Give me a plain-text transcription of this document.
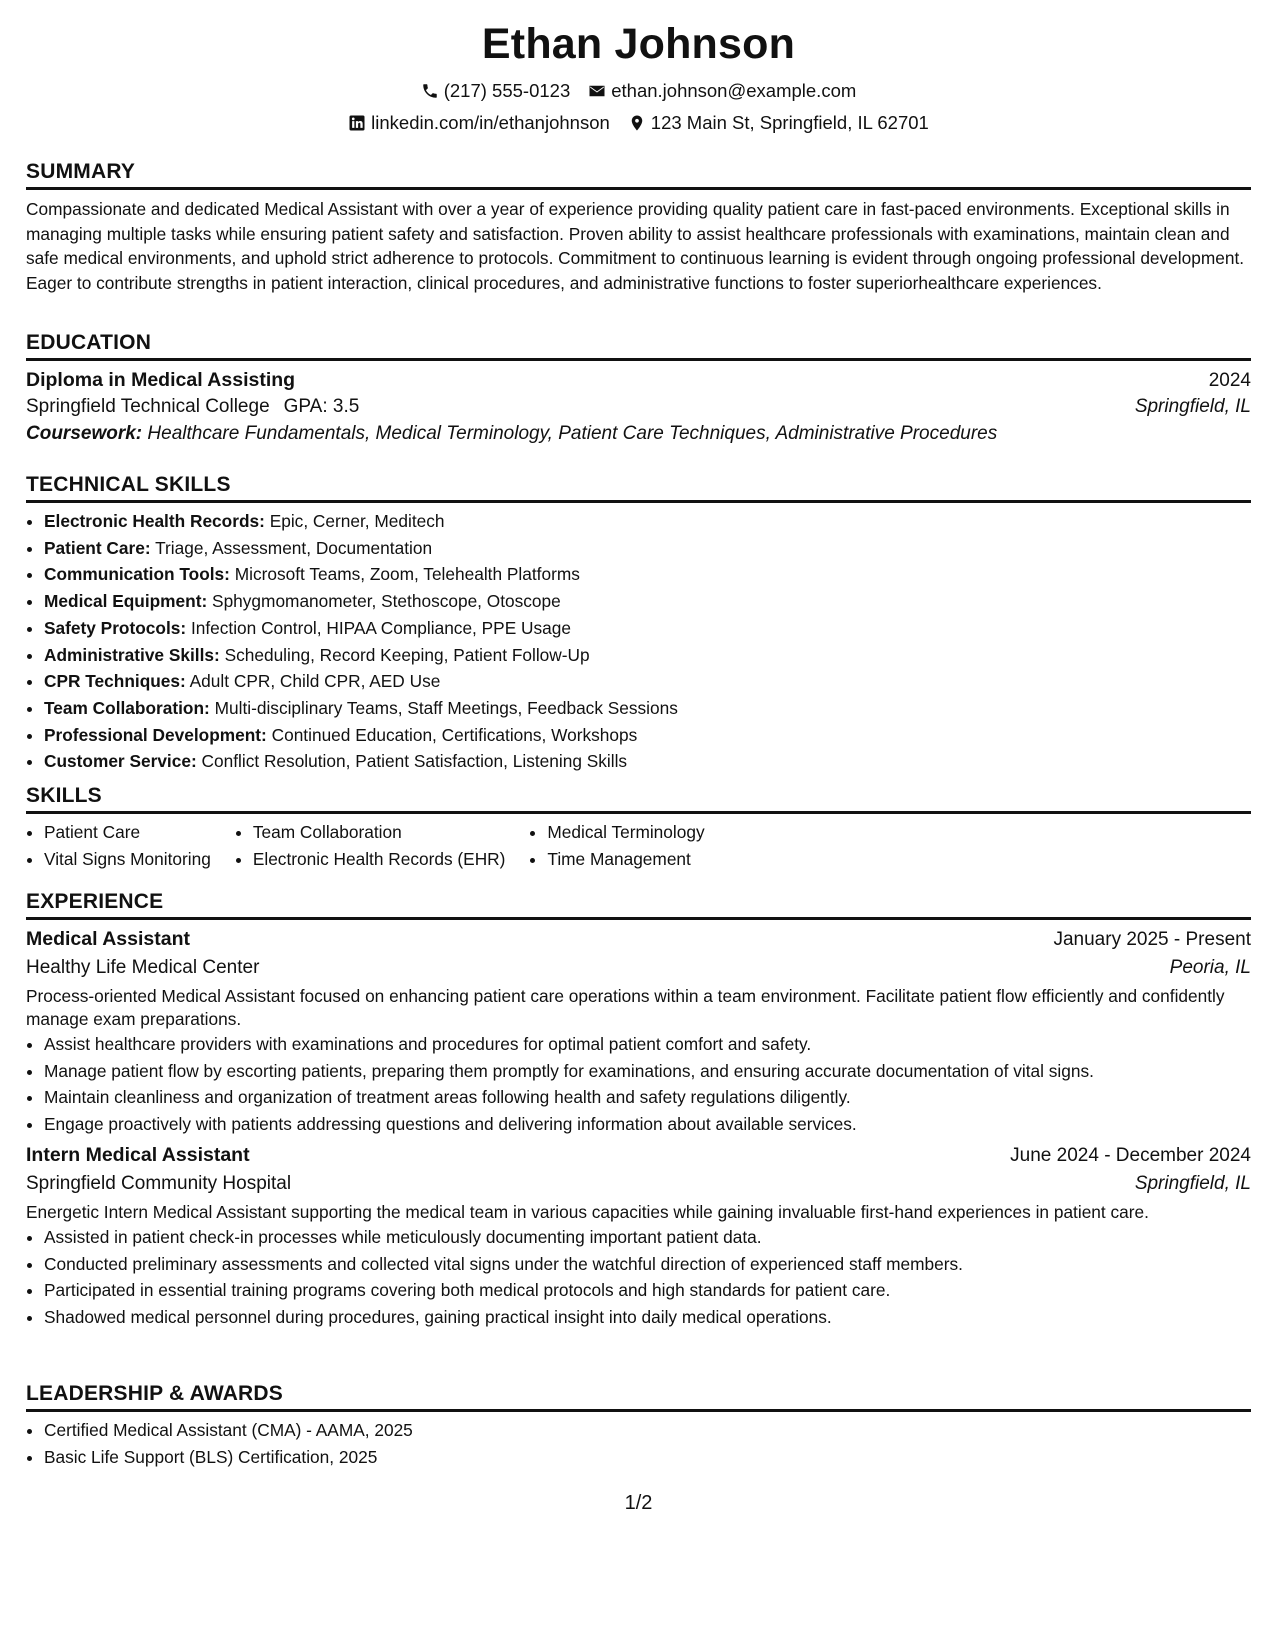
Ethan Johnson
(217) 555-0123 ethan.johnson@example.com
linkedin.com/in/ethanjohnson 123 Main St, Springfield, IL 62701
SUMMARY

Compassionate and dedicated Medical Assistant with over a year of experience providing quality patient care in fast-paced environments. Exceptional skills in managing multiple tasks while ensuring patient safety and satisfaction. Proven ability to assist healthcare professionals with examinations, maintain clean and safe medical environments, and uphold strict adherence to protocols. Commitment to continuous learning is evident through ongoing professional development. Eager to contribute strengths in patient interaction, clinical procedures, and administrative functions to foster superiorhealthcare experiences.

EDUCATION
Diploma in Medical Assisting	2024
Springfield Technical College GPA: 3.5	Springfield, IL
Coursework: Healthcare Fundamentals, Medical Terminology, Patient Care Techniques, Administrative Procedures
TECHNICAL SKILLS
• Electronic Health Records: Epic, Cerner, Meditech
• Patient Care: Triage, Assessment, Documentation
• Communication Tools: Microsoft Teams, Zoom, Telehealth Platforms
• Medical Equipment: Sphygmomanometer, Stethoscope, Otoscope
• Safety Protocols: Infection Control, HIPAA Compliance, PPE Usage
• Administrative Skills: Scheduling, Record Keeping, Patient Follow-Up
• CPR Techniques: Adult CPR, Child CPR, AED Use
• Team Collaboration: Multi-disciplinary Teams, Staff Meetings, Feedback Sessions
• Professional Development: Continued Education, Certifications, Workshops
• Customer Service: Conflict Resolution, Patient Satisfaction, Listening Skills
SKILLS
• Patient Care
• Vital Signs Monitoring
• Team Collaboration
• Electronic Health Records (EHR)
• Medical Terminology
• Time Management
EXPERIENCE
Medical Assistant	January 2025 - Present
Healthy Life Medical Center	Peoria, IL

Process-oriented Medical Assistant focused on enhancing patient care operations within a team environment. Facilitate patient flow efficiently and confidently manage exam preparations.

• Assist healthcare providers with examinations and procedures for optimal patient comfort and safety.
• Manage patient flow by escorting patients, preparing them promptly for examinations, and ensuring accurate documentation of vital signs.
• Maintain cleanliness and organization of treatment areas following health and safety regulations diligently.
• Engage proactively with patients addressing questions and delivering information about available services.
Intern Medical Assistant	June 2024 - December 2024
Springfield Community Hospital	Springfield, IL

Energetic Intern Medical Assistant supporting the medical team in various capacities while gaining invaluable first-hand experiences in patient care.

• Assisted in patient check-in processes while meticulously documenting important patient data.
• Conducted preliminary assessments and collected vital signs under the watchful direction of experienced staff members.
• Participated in essential training programs covering both medical protocols and high standards for patient care.
• Shadowed medical personnel during procedures, gaining practical insight into daily medical operations.
LEADERSHIP & AWARDS
• Certified Medical Assistant (CMA) - AAMA, 2025
• Basic Life Support (BLS) Certification, 2025
1/2
